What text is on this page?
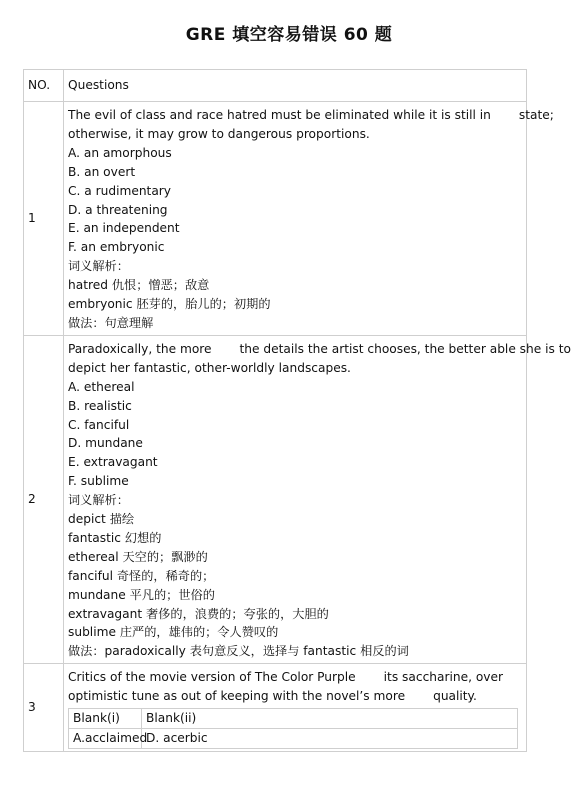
GRE 填空容易错误 60 题
NO.	Questions
1	
The evil of class and race hatred must be eliminated while it is still in state;
otherwise, it may grow to dangerous proportions.
A. an amorphous
B. an overt
C. a rudimentary
D. a threatening
E. an independent
F. an embryonic
词义解析：
hatred 仇恨；憎恶；敌意
embryonic 胚芽的，胎儿的；初期的
做法：句意理解

2	
Paradoxically, the more the details the artist chooses, the better able she is to
depict her fantastic, other-worldly landscapes.
A. ethereal
B. realistic
C. fanciful
D. mundane
E. extravagant
F. sublime
词义解析：
depict 描绘
fantastic 幻想的
ethereal 天空的；飘渺的
fanciful 奇怪的，稀奇的；
mundane 平凡的；世俗的
extravagant 奢侈的，浪费的；夸张的，大胆的
sublime 庄严的，雄伟的；令人赞叹的
做法：paradoxically 表句意反义，选择与 fantastic 相反的词

3	
Critics of the movie version of The Color Purple its saccharine, over
optimistic tune as out of keeping with the novel’s more quality.
Blank(i)	Blank(ii)
A.acclaimed	D. acerbic
